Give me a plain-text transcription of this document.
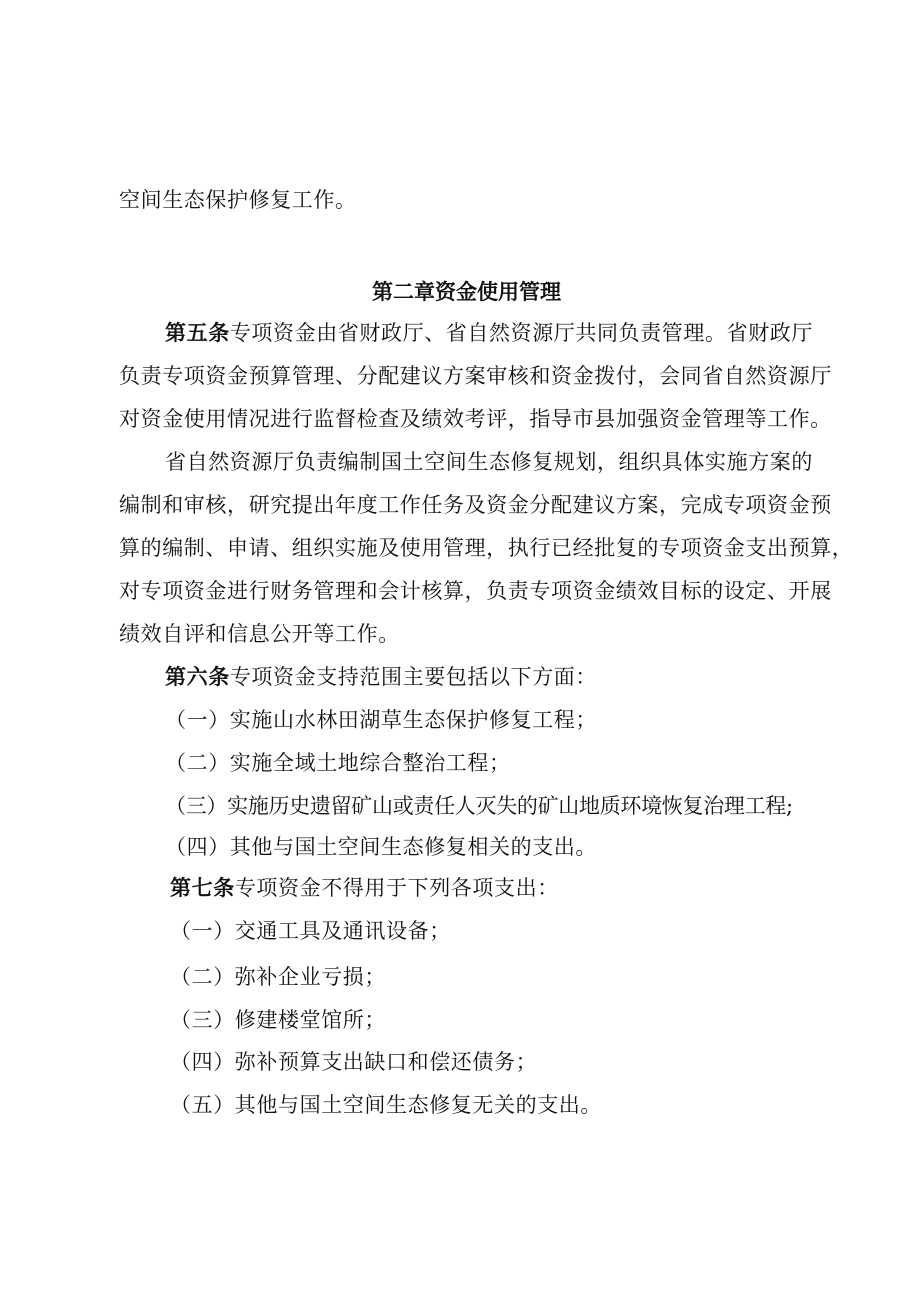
空间生态保护修复工作。
第二章资金使用管理
第五条专项资金由省财政厅、省自然资源厅共同负责管理。省财政厅
负责专项资金预算管理、分配建议方案审核和资金拨付，会同省自然资源厅
对资金使用情况进行监督检查及绩效考评，指导市县加强资金管理等工作。
省自然资源厅负责编制国土空间生态修复规划，组织具体实施方案的
编制和审核，研究提出年度工作任务及资金分配建议方案，完成专项资金预
算的编制、申请、组织实施及使用管理，执行已经批复的专项资金支出预算，
对专项资金进行财务管理和会计核算，负责专项资金绩效目标的设定、开展
绩效自评和信息公开等工作。
第六条专项资金支持范围主要包括以下方面：
（一）实施山水林田湖草生态保护修复工程；
（二）实施全域土地综合整治工程；
（三）实施历史遗留矿山或责任人灭失的矿山地质环境恢复治理工程;
（四）其他与国土空间生态修复相关的支出。
第七条专项资金不得用于下列各项支出：
（一）交通工具及通讯设备；
（二）弥补企业亏损；
（三）修建楼堂馆所；
（四）弥补预算支出缺口和偿还债务；
（五）其他与国土空间生态修复无关的支出。
